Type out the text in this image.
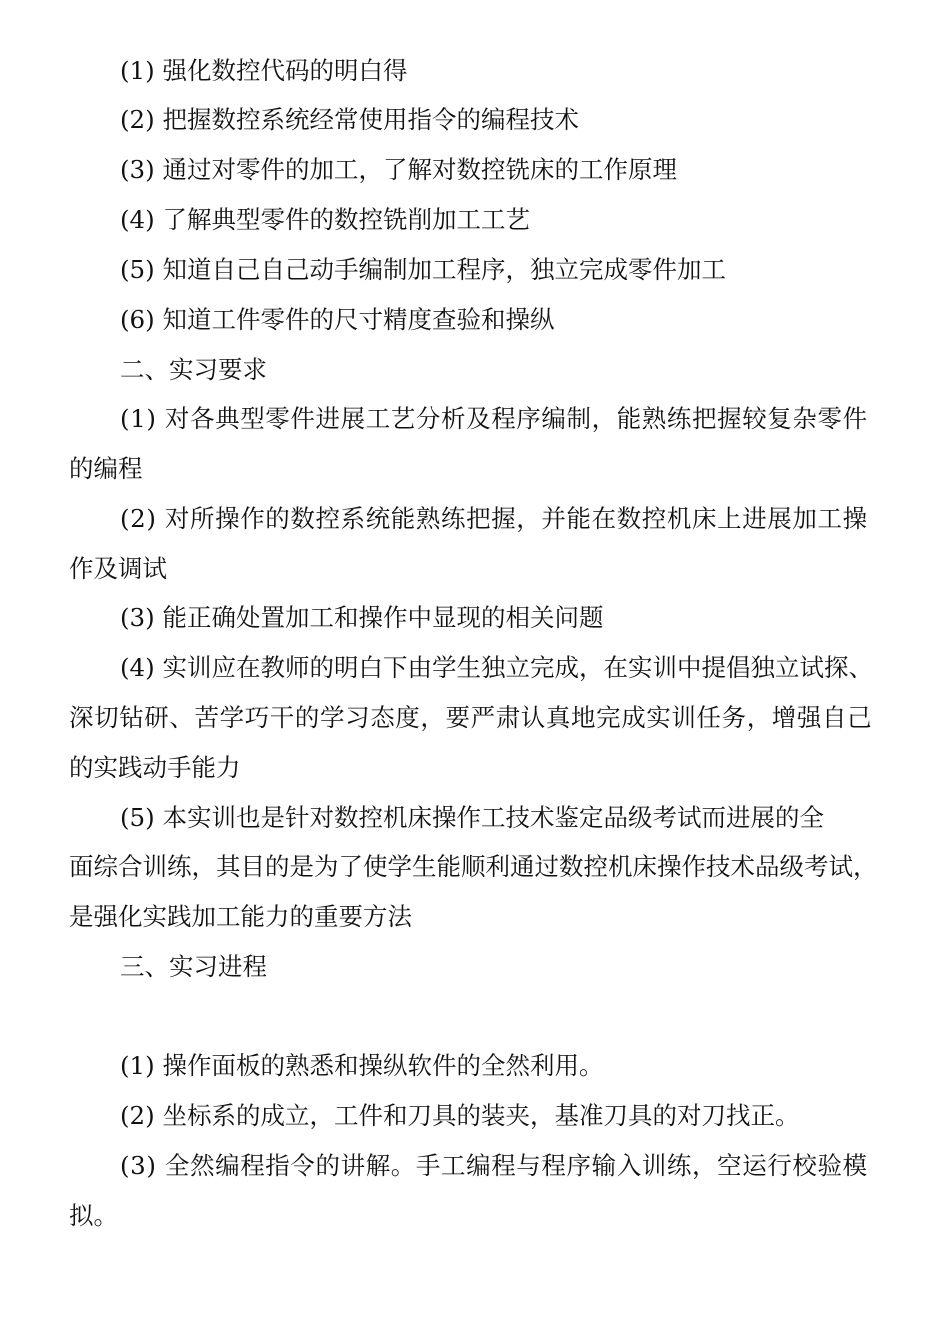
(1) 强化数控代码的明白得
(2) 把握数控系统经常使用指令的编程技术
(3) 通过对零件的加工，了解对数控铣床的工作原理
(4) 了解典型零件的数控铣削加工工艺
(5) 知道自己自己动手编制加工程序，独立完成零件加工
(6) 知道工件零件的尺寸精度查验和操纵
二、实习要求
(1) 对各典型零件进展工艺分析及程序编制，能熟练把握较复杂零件
的编程
(2) 对所操作的数控系统能熟练把握，并能在数控机床上进展加工操
作及调试
(3) 能正确处置加工和操作中显现的相关问题
(4) 实训应在教师的明白下由学生独立完成，在实训中提倡独立试探、
深切钻研、苦学巧干的学习态度，要严肃认真地完成实训任务，增强自己
的实践动手能力
(5) 本实训也是针对数控机床操作工技术鉴定品级考试而进展的全
面综合训练，其目的是为了使学生能顺利通过数控机床操作技术品级考试，
是强化实践加工能力的重要方法
三、实习进程
(1) 操作面板的熟悉和操纵软件的全然利用。
(2) 坐标系的成立，工件和刀具的装夹，基准刀具的对刀找正。
(3) 全然编程指令的讲解。手工编程与程序输入训练，空运行校验模
拟。
